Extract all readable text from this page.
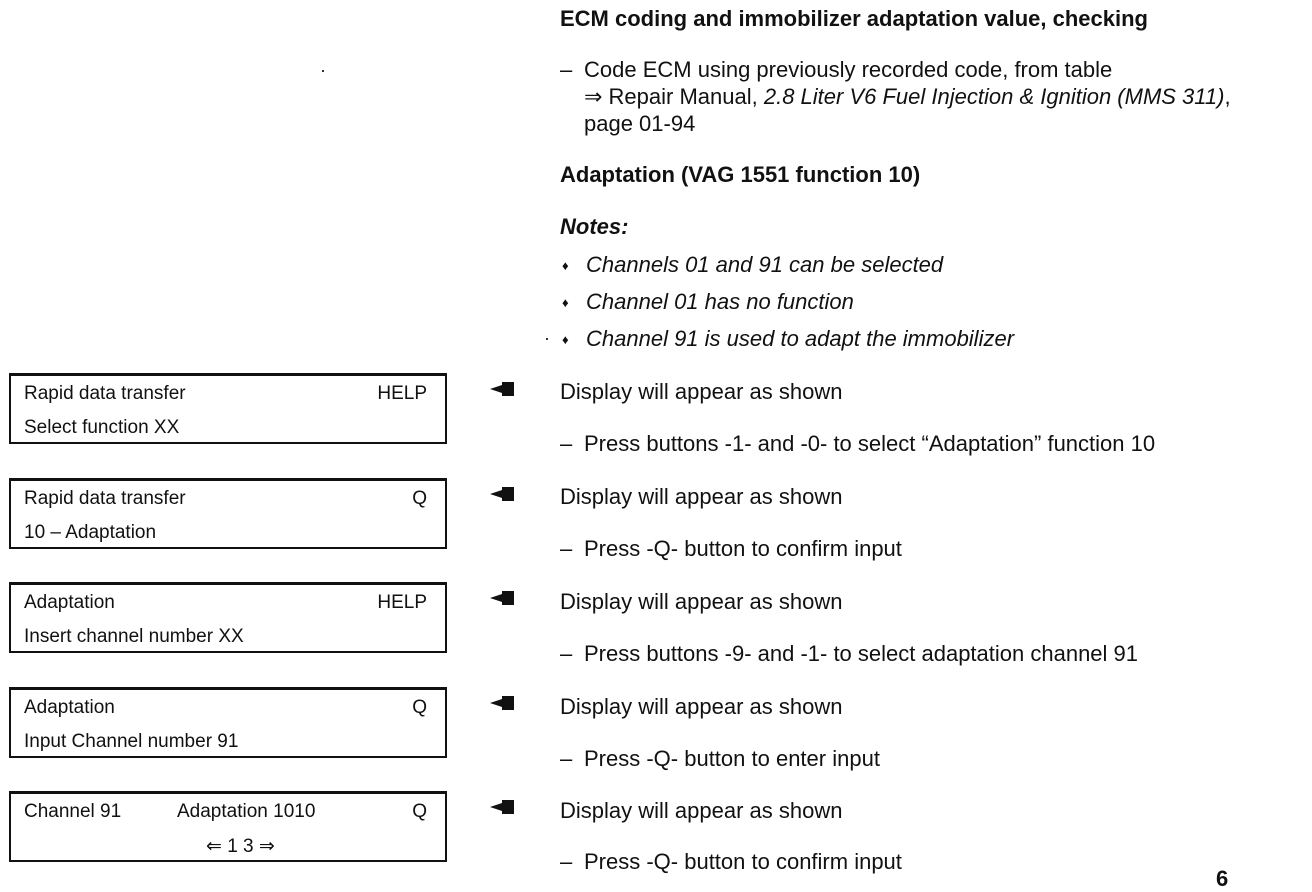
ECM coding and immobilizer adaptation value, checking
– Code ECM using previously recorded code, from table
⇒ Repair Manual, 2.8 Liter V6 Fuel Injection & Ignition (MMS 311),
page 01-94
Adaptation (VAG 1551 function 10)
Notes:
♦ Channels 01 and 91 can be selected
♦ Channel 01 has no function
♦ Channel 91 is used to adapt the immobilizer
Rapid data transfer	HELP
Select function XX
Rapid data transfer	Q
10 – Adaptation
Adaptation	HELP
Insert channel number XX
Adaptation	Q
Input Channel number 91
Channel 91	Adaptation 1010	Q
⇐ 1 3 ⇒
Display will appear as shown
– Press buttons -1- and -0- to select “Adaptation” function 10
Display will appear as shown
– Press -Q- button to confirm input
Display will appear as shown
– Press buttons -9- and -1- to select adaptation channel 91
Display will appear as shown
– Press -Q- button to enter input
Display will appear as shown
– Press -Q- button to confirm input
6
